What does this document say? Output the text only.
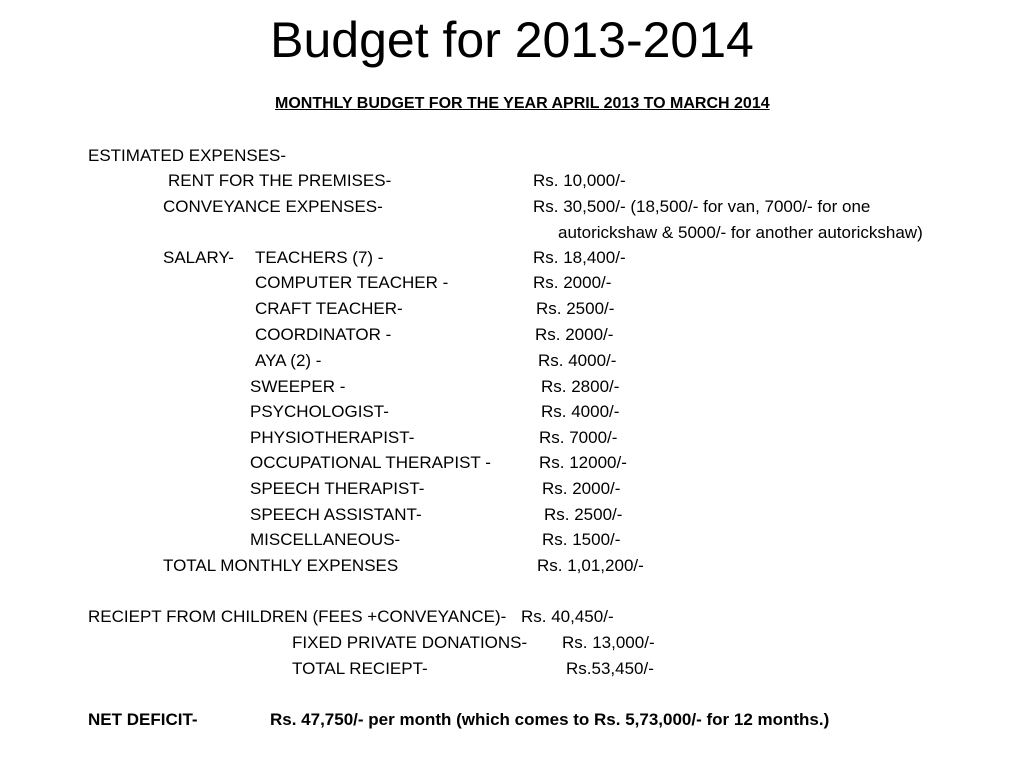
Budget for 2013-2014
MONTHLY BUDGET FOR THE YEAR APRIL 2013 TO MARCH 2014
ESTIMATED EXPENSES-
RENT FOR THE PREMISES-	Rs. 10,000/-
CONVEYANCE EXPENSES-	Rs. 30,500/- (18,500/- for van, 7000/- for one
autorickshaw & 5000/- for another autorickshaw)
SALARY- TEACHERS (7) -	Rs. 18,400/-
COMPUTER TEACHER -	Rs. 2000/-
CRAFT TEACHER-	Rs. 2500/-
COORDINATOR -	Rs. 2000/-
AYA (2) -	Rs. 4000/-
SWEEPER -	Rs. 2800/-
PSYCHOLOGIST-	Rs. 4000/-
PHYSIOTHERAPIST-	Rs. 7000/-
OCCUPATIONAL THERAPIST -	Rs. 12000/-
SPEECH THERAPIST-	Rs. 2000/-
SPEECH ASSISTANT-	Rs. 2500/-
MISCELLANEOUS-	Rs. 1500/-
TOTAL MONTHLY EXPENSES	Rs. 1,01,200/-
RECIEPT FROM CHILDREN (FEES +CONVEYANCE)- Rs. 40,450/-
FIXED PRIVATE DONATIONS- Rs. 13,000/-
TOTAL RECIEPT-	Rs.53,450/-
NET DEFICIT-	Rs. 47,750/- per month (which comes to Rs. 5,73,000/- for 12 months.)
